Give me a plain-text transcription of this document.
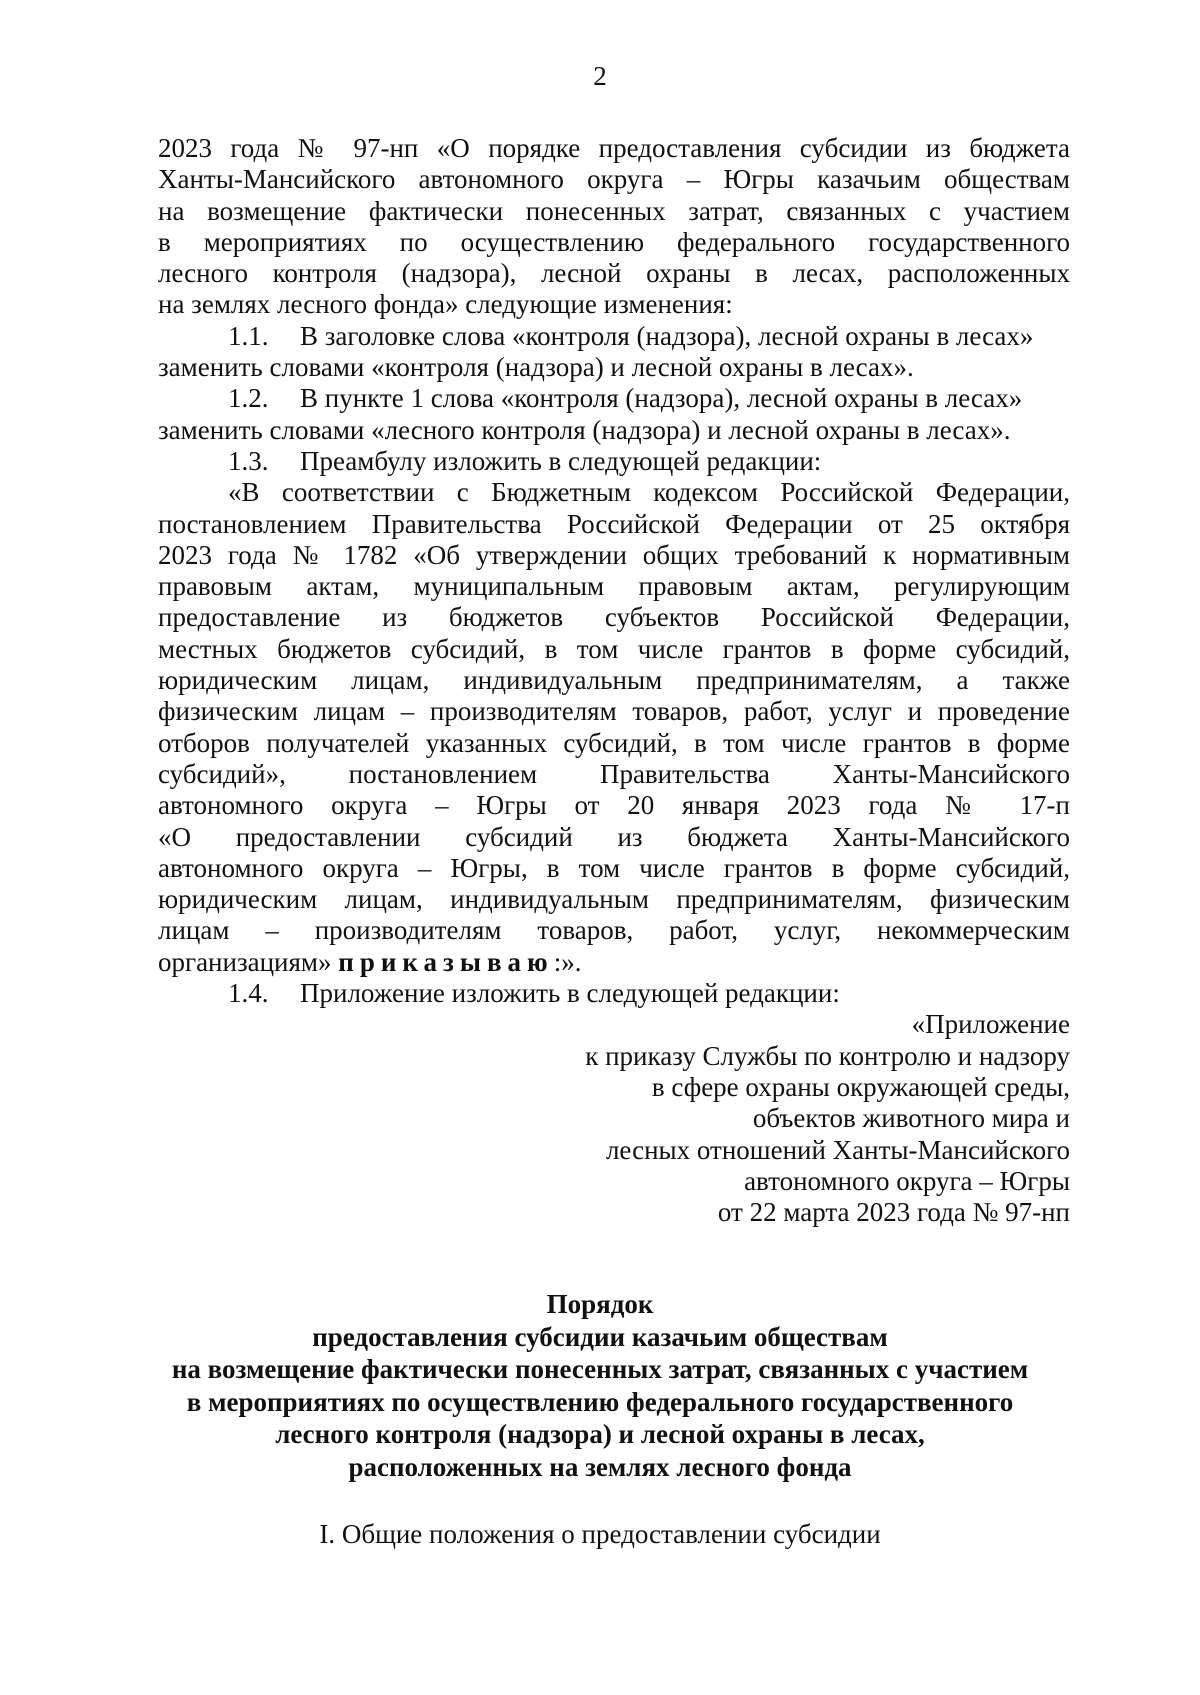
2
2023 года № 97-нп «О порядке предоставления субсидии из бюджета
Ханты-Мансийского автономного округа – Югры казачьим обществам
на возмещение фактически понесенных затрат, связанных с участием
в мероприятиях по осуществлению федерального государственного
лесного контроля (надзора), лесной охраны в лесах, расположенных
на землях лесного фонда» следующие изменения:
1.1. В заголовке слова «контроля (надзора), лесной охраны в лесах»
заменить словами «контроля (надзора) и лесной охраны в лесах».
1.2. В пункте 1 слова «контроля (надзора), лесной охраны в лесах»
заменить словами «лесного контроля (надзора) и лесной охраны в лесах».
1.3. Преамбулу изложить в следующей редакции:
«В соответствии с Бюджетным кодексом Российской Федерации,
постановлением Правительства Российской Федерации от 25 октября
2023 года № 1782 «Об утверждении общих требований к нормативным
правовым актам, муниципальным правовым актам, регулирующим
предоставление из бюджетов субъектов Российской Федерации,
местных бюджетов субсидий, в том числе грантов в форме субсидий,
юридическим лицам, индивидуальным предпринимателям, а также
физическим лицам – производителям товаров, работ, услуг и проведение
отборов получателей указанных субсидий, в том числе грантов в форме
субсидий», постановлением Правительства Ханты-Мансийского
автономного округа – Югры от 20 января 2023 года № 17-п
«О предоставлении субсидий из бюджета Ханты-Мансийского
автономного округа – Югры, в том числе грантов в форме субсидий,
юридическим лицам, индивидуальным предпринимателям, физическим
лицам – производителям товаров, работ, услуг, некоммерческим
организациям» приказываю:».
1.4. Приложение изложить в следующей редакции:
«Приложение
к приказу Службы по контролю и надзору
в сфере охраны окружающей среды,
объектов животного мира и
лесных отношений Ханты-Мансийского
автономного округа – Югры
от 22 марта 2023 года № 97-нп
Порядок
предоставления субсидии казачьим обществам
на возмещение фактически понесенных затрат, связанных с участием
в мероприятиях по осуществлению федерального государственного
лесного контроля (надзора) и лесной охраны в лесах,
расположенных на землях лесного фонда
I. Общие положения о предоставлении субсидии
